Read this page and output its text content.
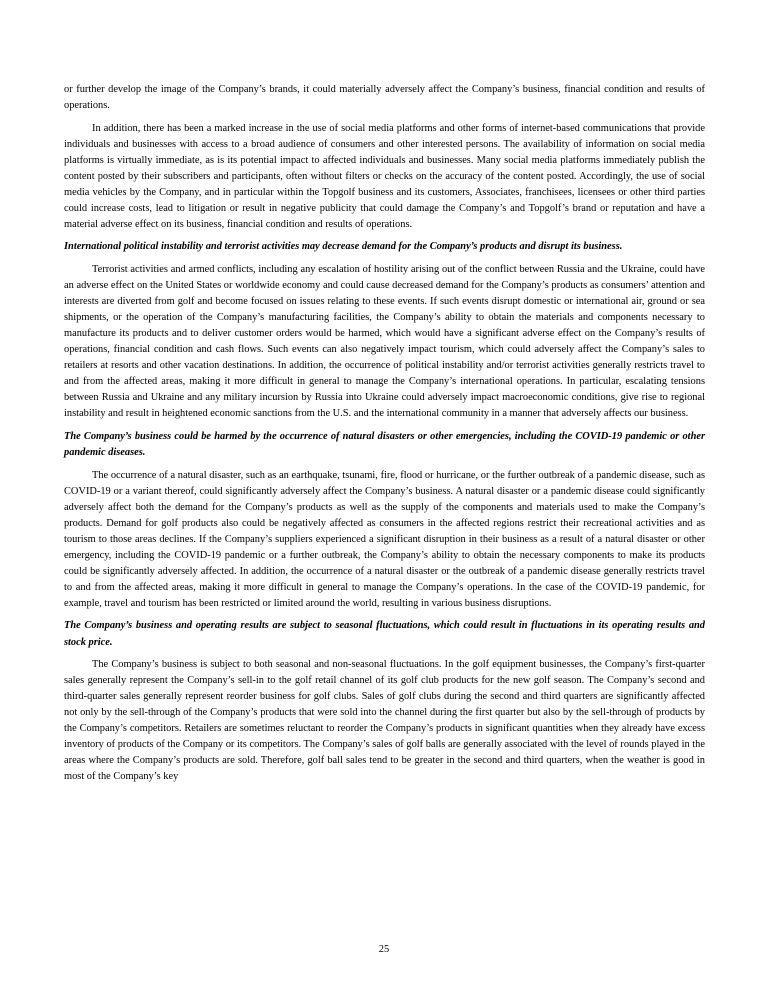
or further develop the image of the Company’s brands, it could materially adversely affect the Company’s business, financial condition and results of operations.

In addition, there has been a marked increase in the use of social media platforms and other forms of internet-based communications that provide individuals and businesses with access to a broad audience of consumers and other interested persons. The availability of information on social media platforms is virtually immediate, as is its potential impact to affected individuals and businesses. Many social media platforms immediately publish the content posted by their subscribers and participants, often without filters or checks on the accuracy of the content posted. Accordingly, the use of social media vehicles by the Company, and in particular within the Topgolf business and its customers, Associates, franchisees, licensees or other third parties could increase costs, lead to litigation or result in negative publicity that could damage the Company’s and Topgolf’s brand or reputation and have a material adverse effect on its business, financial condition and results of operations.

International political instability and terrorist activities may decrease demand for the Company’s products and disrupt its business.

Terrorist activities and armed conflicts, including any escalation of hostility arising out of the conflict between Russia and the Ukraine, could have an adverse effect on the United States or worldwide economy and could cause decreased demand for the Company’s products as consumers’ attention and interests are diverted from golf and become focused on issues relating to these events. If such events disrupt domestic or international air, ground or sea shipments, or the operation of the Company’s manufacturing facilities, the Company’s ability to obtain the materials and components necessary to manufacture its products and to deliver customer orders would be harmed, which would have a significant adverse effect on the Company’s results of operations, financial condition and cash flows. Such events can also negatively impact tourism, which could adversely affect the Company’s sales to retailers at resorts and other vacation destinations. In addition, the occurrence of political instability and/or terrorist activities generally restricts travel to and from the affected areas, making it more difficult in general to manage the Company’s international operations. In particular, escalating tensions between Russia and Ukraine and any military incursion by Russia into Ukraine could adversely impact macroeconomic conditions, give rise to regional instability and result in heightened economic sanctions from the U.S. and the international community in a manner that adversely affects our business.

The Company’s business could be harmed by the occurrence of natural disasters or other emergencies, including the COVID-19 pandemic or other pandemic diseases.

The occurrence of a natural disaster, such as an earthquake, tsunami, fire, flood or hurricane, or the further outbreak of a pandemic disease, such as COVID-19 or a variant thereof, could significantly adversely affect the Company’s business. A natural disaster or a pandemic disease could significantly adversely affect both the demand for the Company’s products as well as the supply of the components and materials used to make the Company’s products. Demand for golf products also could be negatively affected as consumers in the affected regions restrict their recreational activities and as tourism to those areas declines. If the Company’s suppliers experienced a significant disruption in their business as a result of a natural disaster or other emergency, including the COVID-19 pandemic or a further outbreak, the Company’s ability to obtain the necessary components to make its products could be significantly adversely affected. In addition, the occurrence of a natural disaster or the outbreak of a pandemic disease generally restricts travel to and from the affected areas, making it more difficult in general to manage the Company’s operations. In the case of the COVID-19 pandemic, for example, travel and tourism has been restricted or limited around the world, resulting in various business disruptions.

The Company’s business and operating results are subject to seasonal fluctuations, which could result in fluctuations in its operating results and stock price.

The Company’s business is subject to both seasonal and non-seasonal fluctuations. In the golf equipment businesses, the Company’s first-quarter sales generally represent the Company’s sell-in to the golf retail channel of its golf club products for the new golf season. The Company’s second and third-quarter sales generally represent reorder business for golf clubs. Sales of golf clubs during the second and third quarters are significantly affected not only by the sell-through of the Company’s products that were sold into the channel during the first quarter but also by the sell-through of products by the Company’s competitors. Retailers are sometimes reluctant to reorder the Company’s products in significant quantities when they already have excess inventory of products of the Company or its competitors. The Company’s sales of golf balls are generally associated with the level of rounds played in the areas where the Company’s products are sold. Therefore, golf ball sales tend to be greater in the second and third quarters, when the weather is good in most of the Company’s key

25
